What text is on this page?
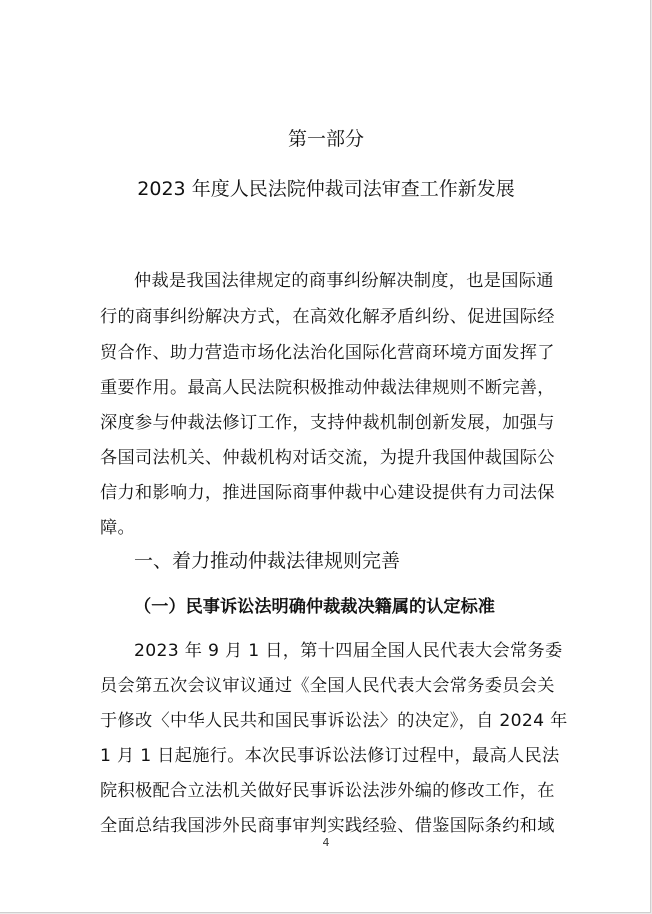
第一部分
2023 年度人民法院仲裁司法审查工作新发展
仲裁是我国法律规定的商事纠纷解决制度，也是国际通
行的商事纠纷解决方式，在高效化解矛盾纠纷、促进国际经
贸合作、助力营造市场化法治化国际化营商环境方面发挥了
重要作用。最高人民法院积极推动仲裁法律规则不断完善，
深度参与仲裁法修订工作，支持仲裁机制创新发展，加强与
各国司法机关、仲裁机构对话交流，为提升我国仲裁国际公
信力和影响力，推进国际商事仲裁中心建设提供有力司法保
障。
一、着力推动仲裁法律规则完善
（一）民事诉讼法明确仲裁裁决籍属的认定标准
2023 年 9 月 1 日，第十四届全国人民代表大会常务委
员会第五次会议审议通过《全国人民代表大会常务委员会关
于修改〈中华人民共和国民事诉讼法〉的决定》，自 2024 年
1 月 1 日起施行。本次民事诉讼法修订过程中，最高人民法
院积极配合立法机关做好民事诉讼法涉外编的修改工作，在
全面总结我国涉外民商事审判实践经验、借鉴国际条约和域
4
